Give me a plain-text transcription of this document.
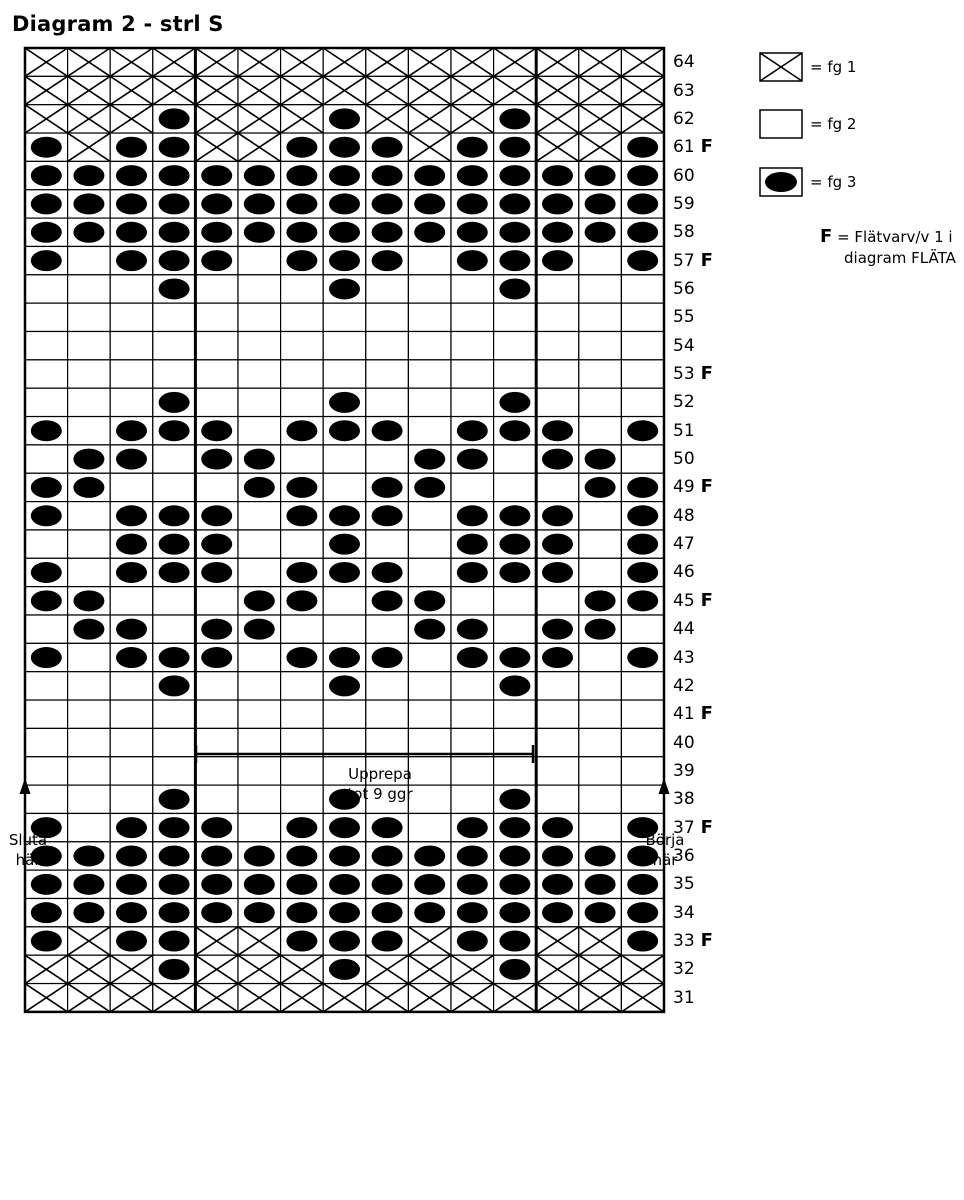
Diagram 2 - strl S
64
63
62
61 F
60
59
58
57 F
56
55
54
53 F
52
51
50
49 F
48
47
46
45 F
44
43
42
41 F
40
39
38
37 F
36
35
34
33 F
32
31
= fg 1
= fg 2
= fg 3
F = Flätvarv/v 1 i
diagram FLÄTA
Upprepa
tot 9 ggr
Sluta
här
Börja
här
